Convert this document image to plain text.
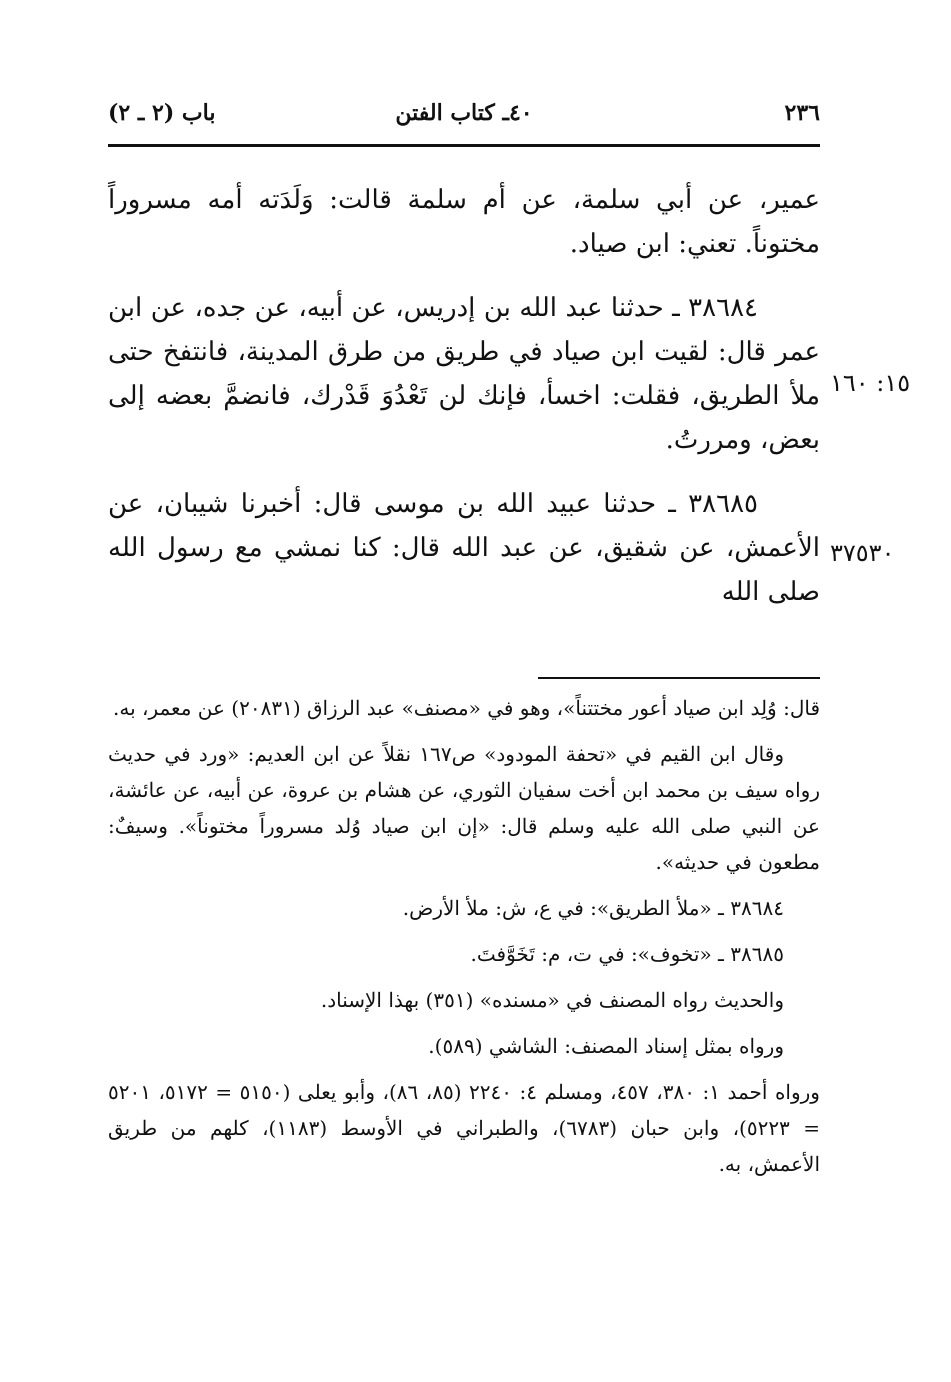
٢٣٦
٤٠ـ كتاب الفتن
باب (٢ ـ ٢)

عمير، عن أبي سلمة، عن أم سلمة قالت: وَلَدَته أمه مسروراً مختوناً. تعني: ابن صياد.

٣٨٦٨٤ ـ حدثنا عبد الله بن إدريس، عن أبيه، عن جده، عن ابن عمر قال: لقيت ابن صياد في طريق من طرق المدينة، فانتفخ حتى ملأ الطريق، فقلت: اخسأ، فإنك لن تَعْدُوَ قَدْرك، فانضمَّ بعضه إلى بعض، ومررتُ.

٣٨٦٨٥ ـ حدثنا عبيد الله بن موسى قال: أخبرنا شيبان، عن الأعمش، عن شقيق، عن عبد الله قال: كنا نمشي مع رسول الله صلى الله

١٥: ١٦٠
٣٧٥٣٠

قال: وُلِد ابن صياد أعور مختتناً»، وهو في «مصنف» عبد الرزاق (٢٠٨٣١) عن معمر، به.

وقال ابن القيم في «تحفة المودود» ص١٦٧ نقلاً عن ابن العديم: «ورد في حديث رواه سيف بن محمد ابن أخت سفيان الثوري، عن هشام بن عروة، عن أبيه، عن عائشة، عن النبي صلى الله عليه وسلم قال: «إن ابن صياد وُلد مسروراً مختوناً». وسيفٌ: مطعون في حديثه».

٣٨٦٨٤ ـ «ملأ الطريق»: في ع، ش: ملأ الأرض.

٣٨٦٨٥ ـ «تخوف»: في ت، م: تَخَوَّفتَ.

والحديث رواه المصنف في «مسنده» (٣٥١) بهذا الإسناد.

ورواه بمثل إسناد المصنف: الشاشي (٥٨٩).

ورواه أحمد ١: ٣٨٠، ٤٥٧، ومسلم ٤: ٢٢٤٠ (٨٥، ٨٦)، وأبو يعلى (٥١٥٠ = ٥١٧٢، ٥٢٠١ = ٥٢٢٣)، وابن حبان (٦٧٨٣)، والطبراني في الأوسط (١١٨٣)، كلهم من طريق الأعمش، به.
